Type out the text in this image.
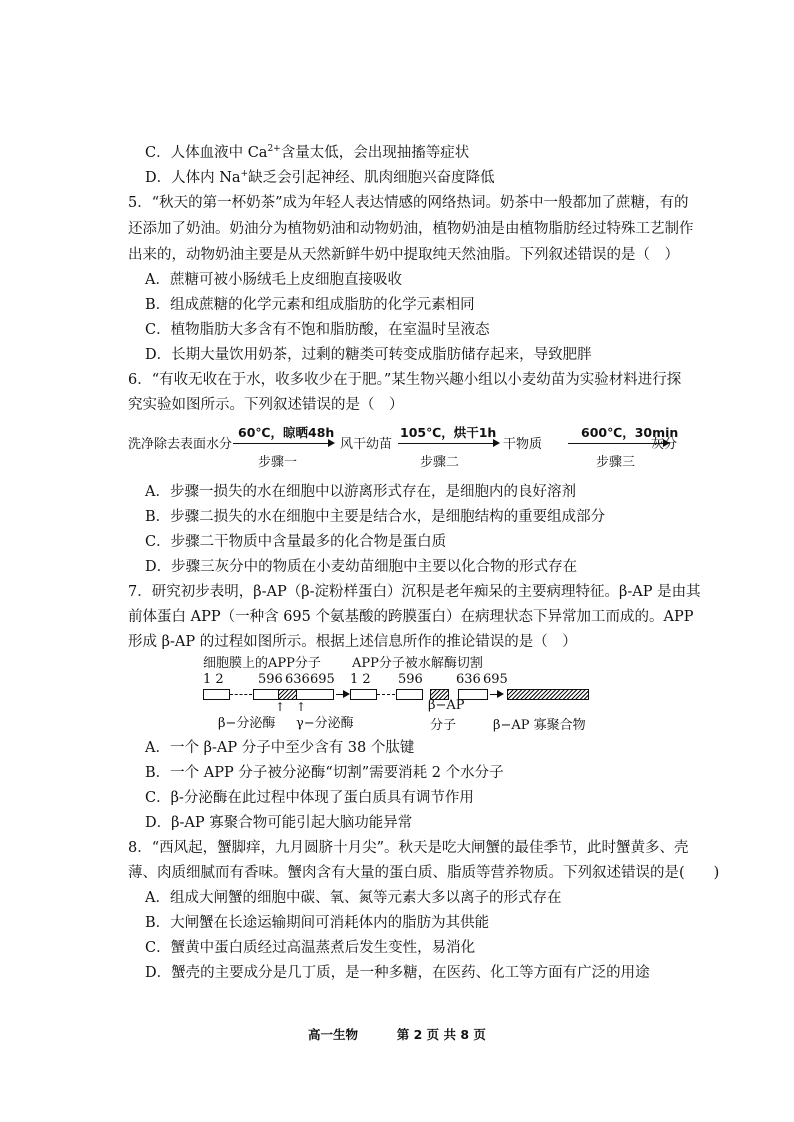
C．人体血液中 $Ca^{2+}$含量太低，会出现抽搐等症状
D．人体内 Na+缺乏会引起神经、肌肉细胞兴奋度降低
5．“秋天的第一杯奶茶”成为年轻人表达情感的网络热词。奶茶中一般都加了蔗糖，有的
还添加了奶油。奶油分为植物奶油和动物奶油，植物奶油是由植物脂肪经过特殊工艺制作
出来的，动物奶油主要是从天然新鲜牛奶中提取纯天然油脂。下列叙述错误的是（　）
A．蔗糖可被小肠绒毛上皮细胞直接吸收
B．组成蔗糖的化学元素和组成脂肪的化学元素相同
C．植物脂肪大多含有不饱和脂肪酸，在室温时呈液态
D．长期大量饮用奶茶，过剩的糖类可转变成脂肪储存起来，导致肥胖
6．“有收无收在于水，收多收少在于肥。”某生物兴趣小组以小麦幼苗为实验材料进行探
究实验如图所示。下列叙述错误的是（　）
洗净除去表面水分
60℃，晾晒48h
步骤一
风干幼苗
105℃，烘干1h
步骤二
干物质
600℃，30min
步骤三
灰分
A．步骤一损失的水在细胞中以游离形式存在，是细胞内的良好溶剂
B．步骤二损失的水在细胞中主要是结合水，是细胞结构的重要组成部分
C．步骤二干物质中含量最多的化合物是蛋白质
D．步骤三灰分中的物质在小麦幼苗细胞中主要以化合物的形式存在
7．研究初步表明，β-AP（β-淀粉样蛋白）沉积是老年痴呆的主要病理特征。β-AP 是由其
前体蛋白 APP（一种含 695 个氨基酸的跨膜蛋白）在病理状态下异常加工而成的。APP
形成 β-AP 的过程如图所示。根据上述信息所作的推论错误的是（　）
细胞膜上的APP分子 APP分子被水解酶切割
1 2	596 636 695 1 2 596	636 695
↑ ↑
β−分泌酶 γ−分泌酶
β−AP
分子	β−AP 寡聚合物
A．一个 β-AP 分子中至少含有 38 个肽键
B．一个 APP 分子被分泌酶“切割”需要消耗 2 个水分子
C．β-分泌酶在此过程中体现了蛋白质具有调节作用
D．β-AP 寡聚合物可能引起大脑功能异常
8．“西风起，蟹脚痒，九月圆脐十月尖”。秋天是吃大闸蟹的最佳季节，此时蟹黄多、壳
薄、肉质细腻而有香味。蟹肉含有大量的蛋白质、脂质等营养物质。下列叙述错误的是(　　)
A．组成大闸蟹的细胞中碳、氧、氮等元素大多以离子的形式存在
B．大闸蟹在长途运输期间可消耗体内的脂肪为其供能
C．蟹黄中蛋白质经过高温蒸煮后发生变性，易消化
D．蟹壳的主要成分是几丁质，是一种多糖，在医药、化工等方面有广泛的用途
高一生物	第 2 页 共 8 页
